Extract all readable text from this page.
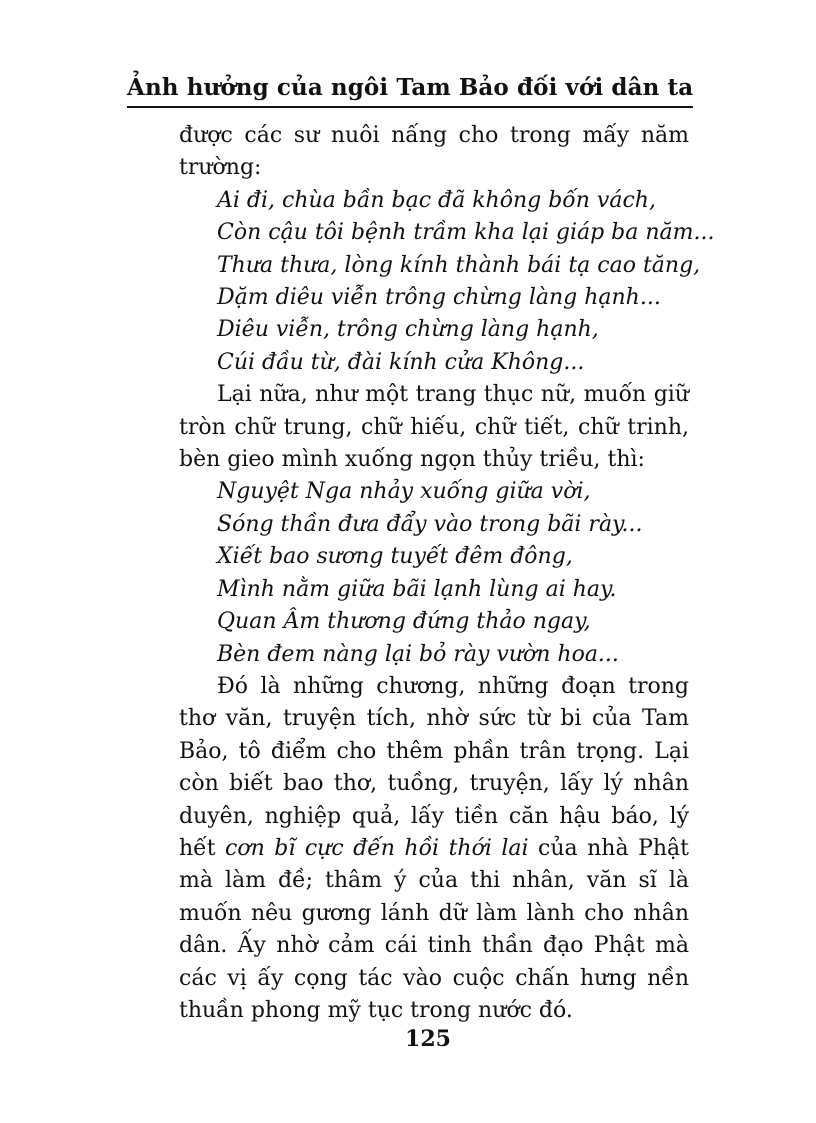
Ảnh hưởng của ngôi Tam Bảo đối với dân ta

được các sư nuôi nấng cho trong mấy năm trường:

Ai đi, chùa bần bạc đã không bốn vách,
Còn cậu tôi bệnh trầm kha lại giáp ba năm...
Thưa thưa, lòng kính thành bái tạ cao tăng,
Dặm diêu viễn trông chừng làng hạnh...
Diêu viễn, trông chừng làng hạnh,
Cúi đầu từ, đài kính cửa Không...

Lại nữa, như một trang thục nữ, muốn giữ tròn chữ trung, chữ hiếu, chữ tiết, chữ trinh, bèn gieo mình xuống ngọn thủy triều, thì:

Nguyệt Nga nhảy xuống giữa vời,
Sóng thần đưa đẩy vào trong bãi rày...
Xiết bao sương tuyết đêm đông,
Mình nằm giữa bãi lạnh lùng ai hay.
Quan Âm thương đứng thảo ngay,
Bèn đem nàng lại bỏ rày vườn hoa...

Đó là những chương, những đoạn trong thơ văn, truyện tích, nhờ sức từ bi của Tam Bảo, tô điểm cho thêm phần trân trọng. Lại còn biết bao thơ, tuồng, truyện, lấy lý nhân duyên, nghiệp quả, lấy tiền căn hậu báo, lý hết cơn bĩ cực đến hồi thới lai của nhà Phật mà làm đề; thâm ý của thi nhân, văn sĩ là muốn nêu gương lánh dữ làm lành cho nhân dân. Ấy nhờ cảm cái tinh thần đạo Phật mà các vị ấy cọng tác vào cuộc chấn hưng nền thuần phong mỹ tục trong nước đó.

125
